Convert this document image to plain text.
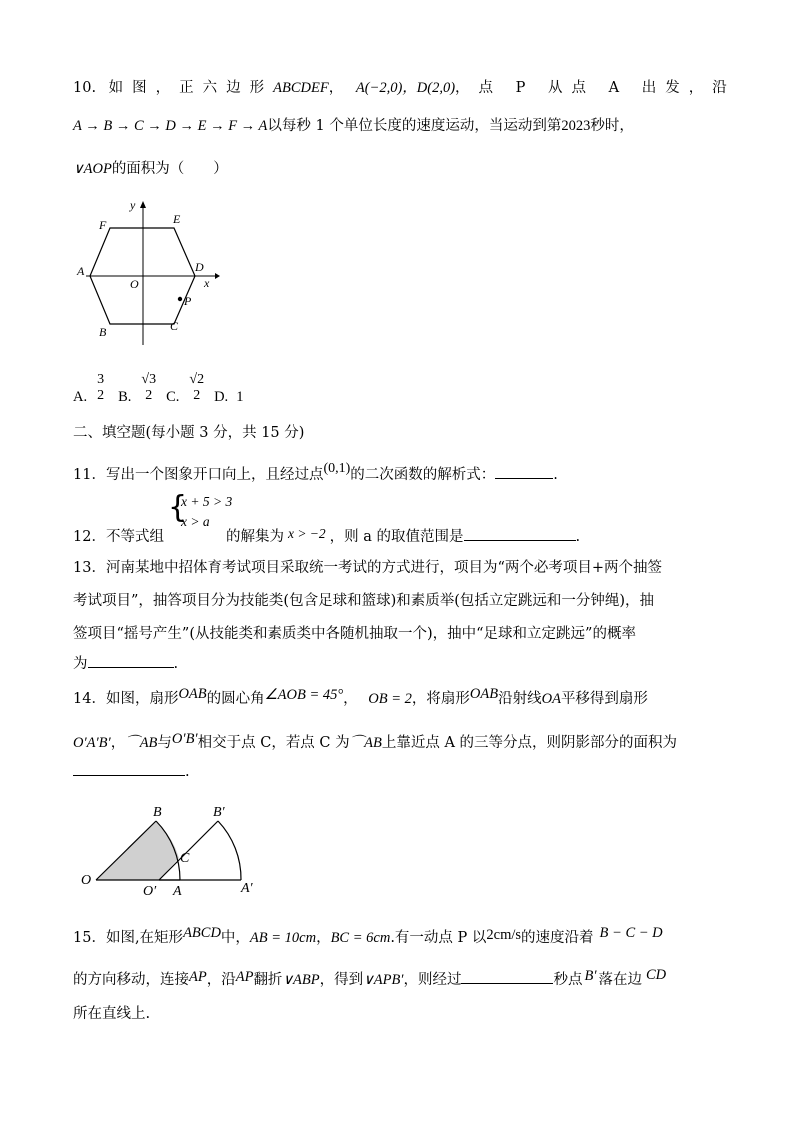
10. 如图，正六边形ABCDEF， A(−2,0)，D(2,0)，点 P 从点 A 出发，沿
A → B → C → D → E → F → A以每秒 1 个单位长度的速度运动，当运动到第2023秒时，
∨AOP的面积为（　　）
y
x
O
A
B	C
D
E
F
P
A.
3
2 B.
√3
2 C.
√2
2 D. 1
二、填空题(每小题 3 分，共 15 分)
11．写出一个图象开口向上，且经过点(0,1)的二次函数的解析式：	.
{
x + 5 > 3
x > a
12．不等式组	的解集为 x > −2 ，则 a 的取值范围是	.
13．河南某地中招体育考试项目采取统一考试的方式进行，项目为“两个必考项目+两个抽签
考试项目”，抽答项目分为技能类(包含足球和篮球)和素质举(包括立定跳远和一分钟绳)，抽
签项目“摇号产生”(从技能类和素质类中各随机抽取一个)，抽中“足球和立定跳远”的概率
为	.
14．如图，扇形OAB的圆心角∠AOB = 45°， OB = 2，将扇形OAB沿射线OA平移得到扇形
O′A′B′，⌒AB与O′B′相交于点 C，若点 C 为⌒AB上靠近点 A 的三等分点，则阴影部分的面积为
.
O
O′ A	A′
B	B′
C
15．如图,在矩形ABCD中，AB = 10cm，BC = 6cm.有一动点 P 以2cm/s的速度沿着 B − C − D
的方向移动，连接AP，沿AP翻折∨ABP，得到∨APB′，则经过	秒点 B′ 落在边 CD
所在直线上.
